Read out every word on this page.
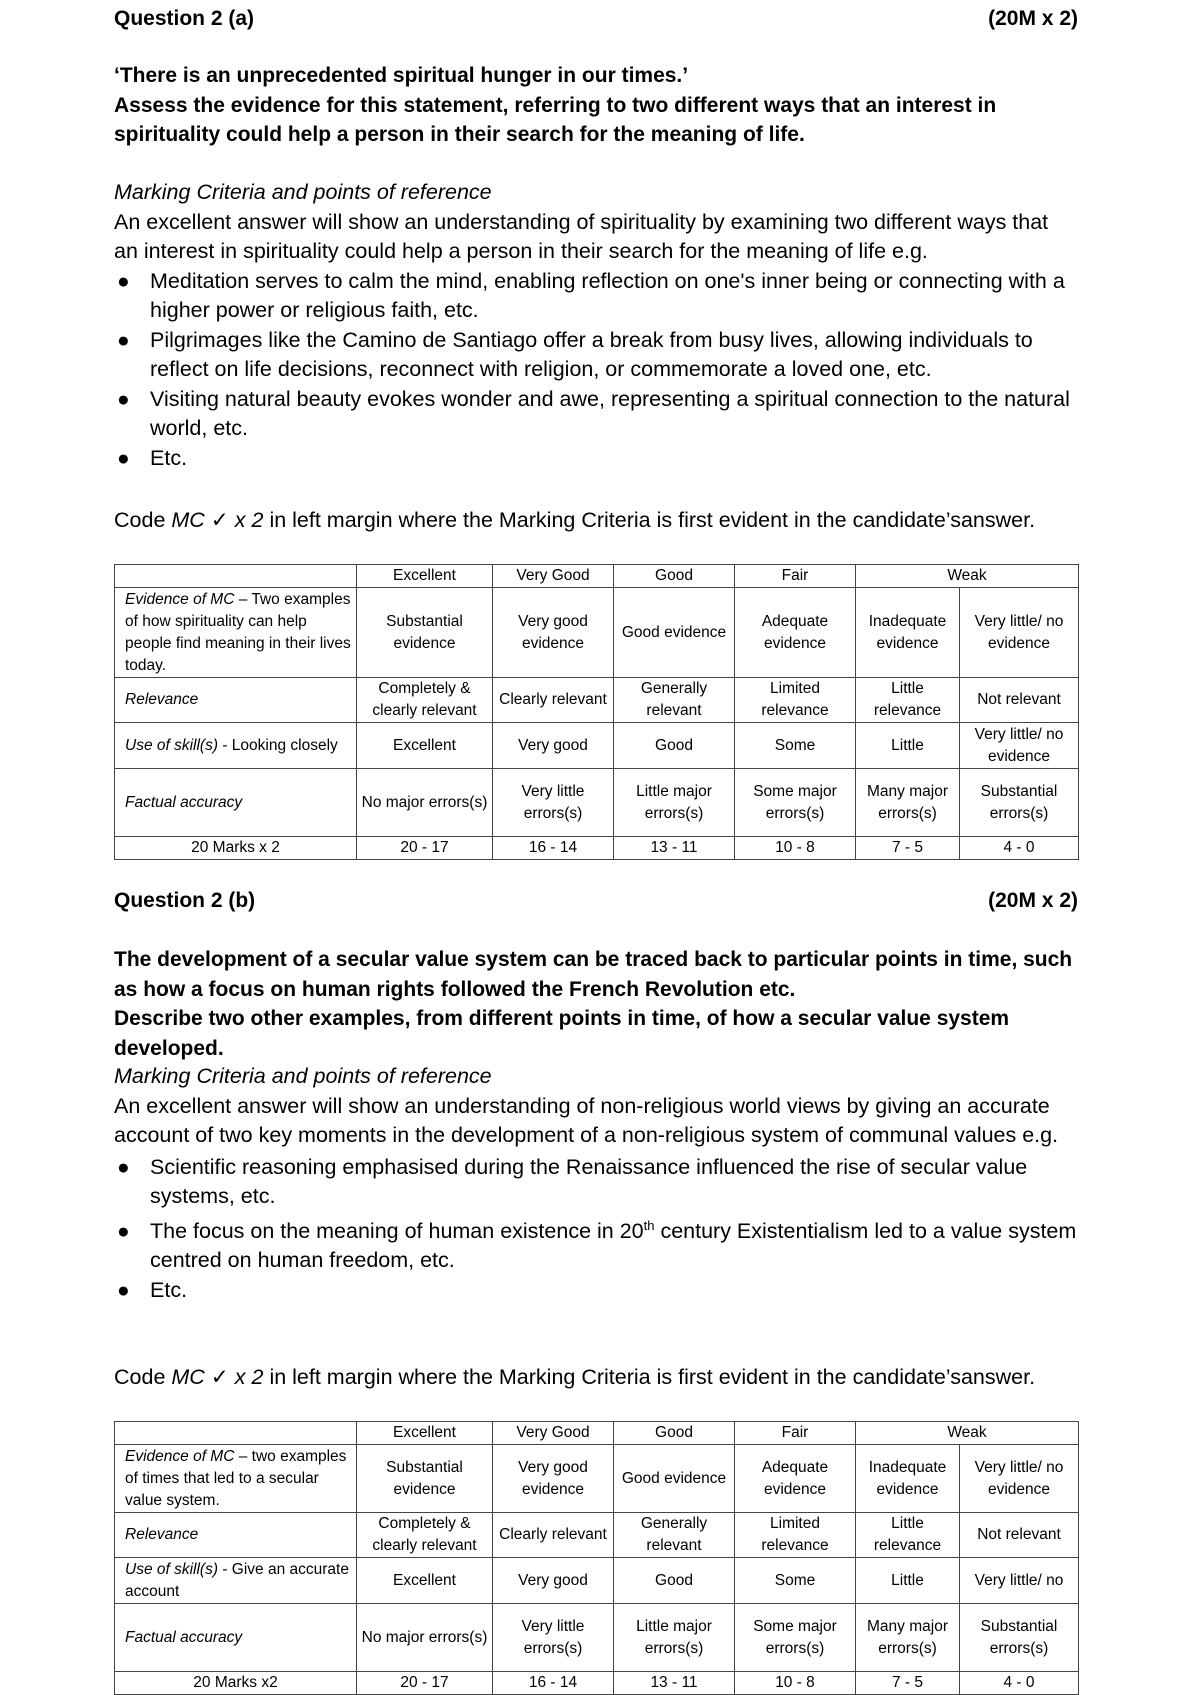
Question 2 (a)	(20M x 2)

‘There is an unprecedented spiritual hunger in our times.’

Assess the evidence for this statement, referring to two different ways that an interest in spirituality could help a person in their search for the meaning of life.

Marking Criteria and points of reference

An excellent answer will show an understanding of spirituality by examining two different ways that an interest in spirituality could help a person in their search for the meaning of life e.g.

● Meditation serves to calm the mind, enabling reflection on one's inner being or connecting with a higher power or religious faith, etc.
● Pilgrimages like the Camino de Santiago offer a break from busy lives, allowing individuals to reflect on life decisions, reconnect with religion, or commemorate a loved one, etc.
● Visiting natural beauty evokes wonder and awe, representing a spiritual connection to the natural world, etc.
● Etc.
Code MC ✓ x 2 in left margin where the Marking Criteria is first evident in the candidate’sanswer.
	Excellent	Very Good	Good	Fair	Weak	
Evidence of MC – Two examples of how spirituality can help people find meaning in their lives today.	Substantial evidence	Very good evidence	Good evidence	Adequate evidence	Inadequate evidence	Very little/ no evidence
Relevance	Completely & clearly relevant	Clearly relevant	Generally relevant	Limited relevance	Little relevance	Not relevant
Use of skill(s) - Looking closely	Excellent	Very good	Good	Some	Little	Very little/ no evidence
Factual accuracy	No major errors(s)	Very little errors(s)	Little major errors(s)	Some major errors(s)	Many major errors(s)	Substantial errors(s)
20 Marks x 2	20 - 17	16 - 14	13 - 11	10 - 8	7 - 5	4 - 0
Question 2 (b)	(20M x 2)

The development of a secular value system can be traced back to particular points in time, such as how a focus on human rights followed the French Revolution etc.

Describe two other examples, from different points in time, of how a secular value system developed.

Marking Criteria and points of reference

An excellent answer will show an understanding of non-religious world views by giving an accurate account of two key moments in the development of a non-religious system of communal values e.g.

● Scientific reasoning emphasised during the Renaissance influenced the rise of secular value systems, etc.
● The focus on the meaning of human existence in 20th century Existentialism led to a value system centred on human freedom, etc.
● Etc.
Code MC ✓ x 2 in left margin where the Marking Criteria is first evident in the candidate’sanswer.
	Excellent	Very Good	Good	Fair	Weak	
Evidence of MC – two examples of times that led to a secular value system.	Substantial evidence	Very good evidence	Good evidence	Adequate evidence	Inadequate evidence	Very little/ no evidence
Relevance	Completely & clearly relevant	Clearly relevant	Generally relevant	Limited relevance	Little relevance	Not relevant
Use of skill(s) - Give an accurate account	Excellent	Very good	Good	Some	Little	Very little/ no
Factual accuracy	No major errors(s)	Very little errors(s)	Little major errors(s)	Some major errors(s)	Many major errors(s)	Substantial errors(s)
20 Marks x2	20 - 17	16 - 14	13 - 11	10 - 8	7 - 5	4 - 0
